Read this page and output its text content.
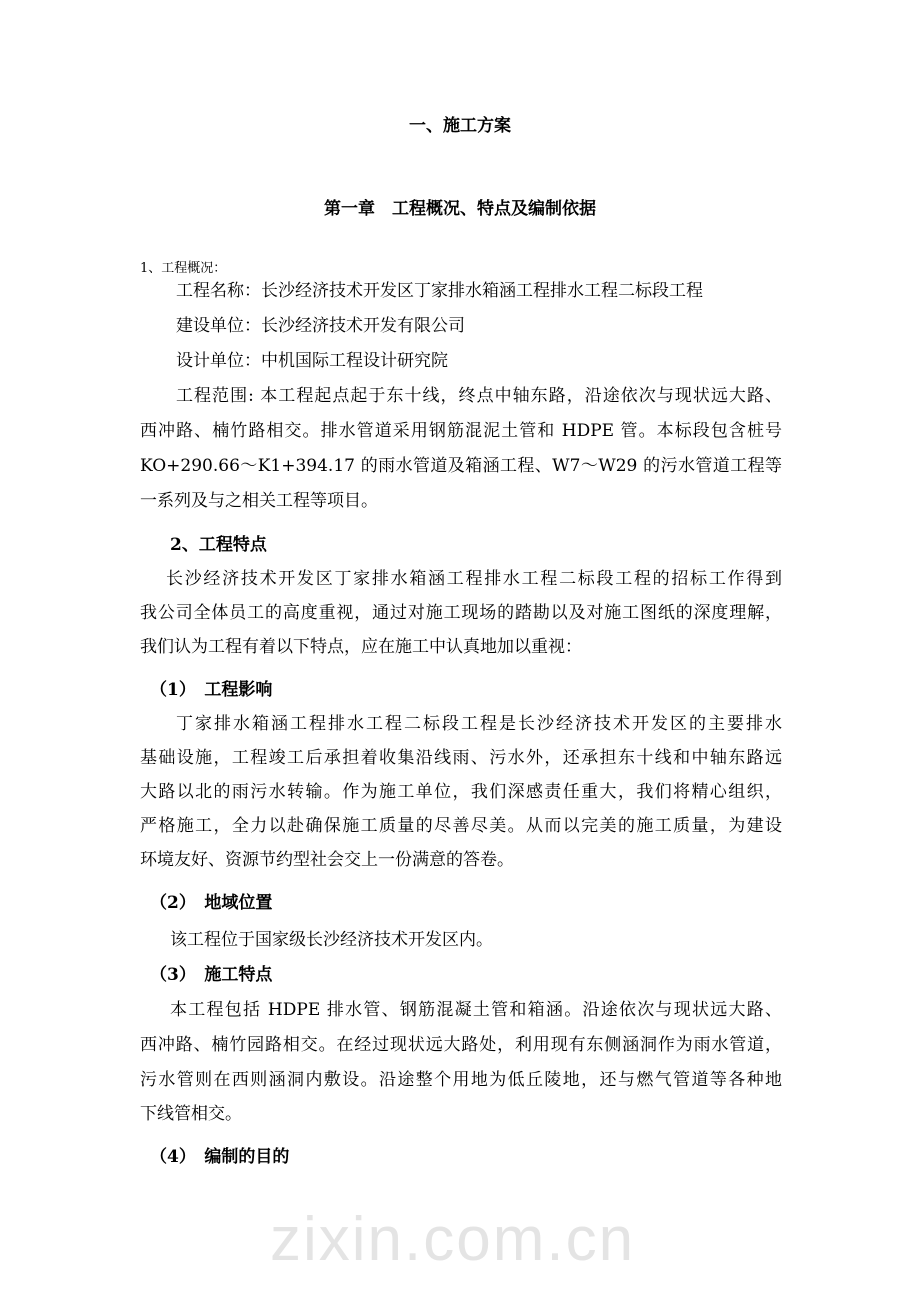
zixin.com.cn
一、施工方案
第一章　工程概况、特点及编制依据
1、工程概况：
工程名称：长沙经济技术开发区丁家排水箱涵工程排水工程二标段工程
建设单位：长沙经济技术开发有限公司
设计单位：中机国际工程设计研究院
工程范围: 本工程起点起于东十线，终点中轴东路，沿途依次与现状远大路、
西冲路、楠竹路相交。排水管道采用钢筋混泥土管和 HDPE 管。本标段包含桩号
KO+290.66～K1+394.17 的雨水管道及箱涵工程、W7～W29 的污水管道工程等
一系列及与之相关工程等项目。
2、工程特点
长沙经济技术开发区丁家排水箱涵工程排水工程二标段工程的招标工作得到
我公司全体员工的高度重视，通过对施工现场的踏勘以及对施工图纸的深度理解，
我们认为工程有着以下特点，应在施工中认真地加以重视：
（1）　工程影响
丁家排水箱涵工程排水工程二标段工程是长沙经济技术开发区的主要排水
基础设施，工程竣工后承担着收集沿线雨、污水外，还承担东十线和中轴东路远
大路以北的雨污水转输。作为施工单位，我们深感责任重大，我们将精心组织，
严格施工，全力以赴确保施工质量的尽善尽美。从而以完美的施工质量，为建设
环境友好、资源节约型社会交上一份满意的答卷。
（2）　地域位置
该工程位于国家级长沙经济技术开发区内。
（3）　施工特点
本工程包括 HDPE 排水管、钢筋混凝土管和箱涵。沿途依次与现状远大路、
西冲路、楠竹园路相交。在经过现状远大路处，利用现有东侧涵洞作为雨水管道，
污水管则在西则涵洞内敷设。沿途整个用地为低丘陵地，还与燃气管道等各种地
下线管相交。
（4）　编制的目的
